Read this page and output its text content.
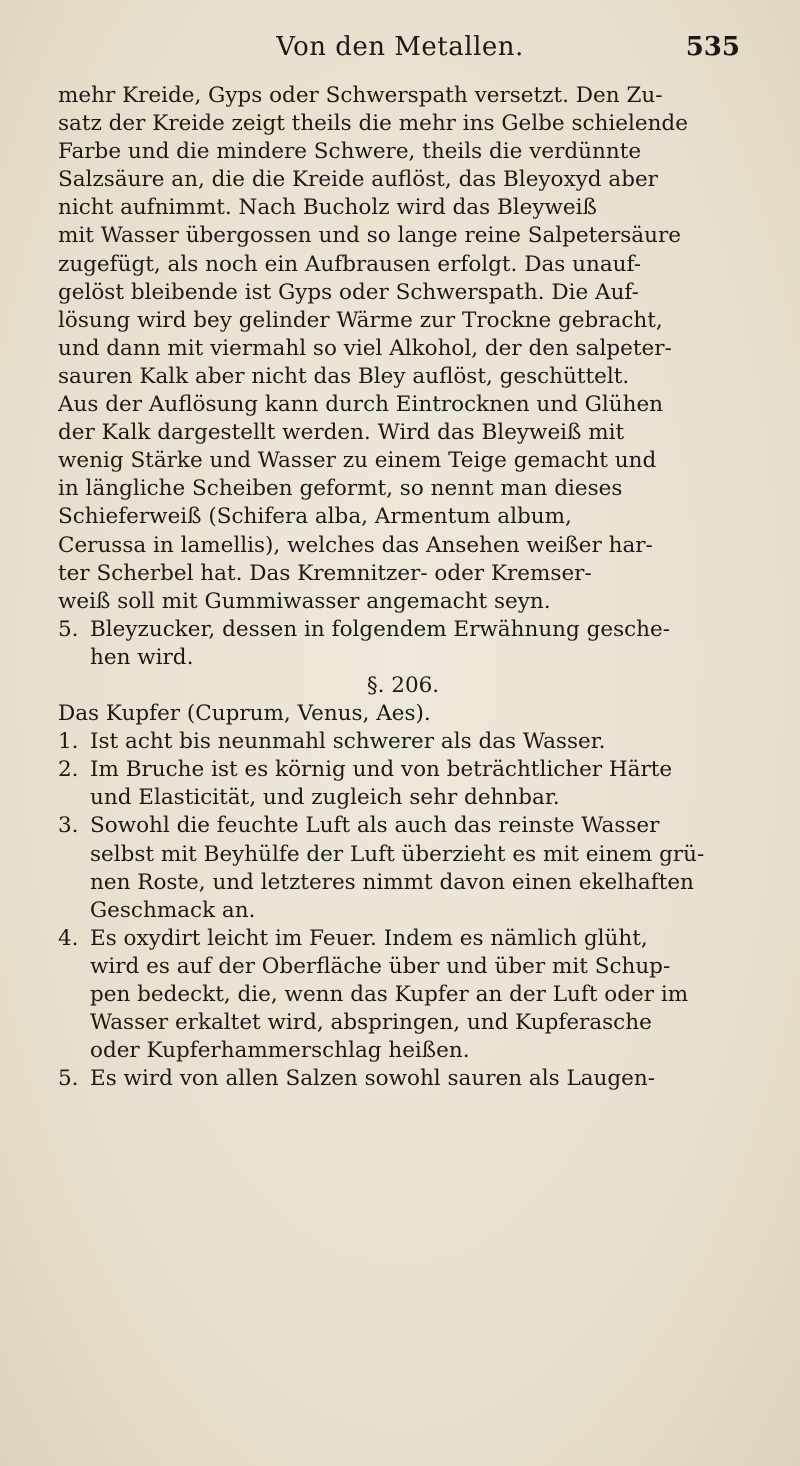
Von den Metallen.	535
mehr Kreide, Gyps oder Schwerspath versetzt. Den Zu-
satz der Kreide zeigt theils die mehr ins Gelbe schielende
Farbe und die mindere Schwere, theils die verdünnte
Salzsäure an, die die Kreide auflöst, das Bleyoxyd aber
nicht aufnimmt. Nach Bucholz wird das Bleyweiß
mit Wasser übergossen und so lange reine Salpetersäure
zugefügt, als noch ein Aufbrausen erfolgt. Das unauf-
gelöst bleibende ist Gyps oder Schwerspath. Die Auf-
lösung wird bey gelinder Wärme zur Trockne gebracht,
und dann mit viermahl so viel Alkohol, der den salpeter-
sauren Kalk aber nicht das Bley auflöst, geschüttelt.
Aus der Auflösung kann durch Eintrocknen und Glühen
der Kalk dargestellt werden. Wird das Bleyweiß mit
wenig Stärke und Wasser zu einem Teige gemacht und
in längliche Scheiben geformt, so nennt man dieses
Schieferweiß (Schifera alba, Armentum album,
Cerussa in lamellis), welches das Ansehen weißer har-
ter Scherbel hat. Das Kremnitzer- oder Kremser-
weiß soll mit Gummiwasser angemacht seyn.
5. Bleyzucker, dessen in folgendem Erwähnung gesche-
hen wird.
§. 206.
Das Kupfer (Cuprum, Venus, Aes).
1. Ist acht bis neunmahl schwerer als das Wasser.
2. Im Bruche ist es körnig und von beträchtlicher Härte
und Elasticität, und zugleich sehr dehnbar.
3. Sowohl die feuchte Luft als auch das reinste Wasser
selbst mit Beyhülfe der Luft überzieht es mit einem grü-
nen Roste, und letzteres nimmt davon einen ekelhaften
Geschmack an.
4. Es oxydirt leicht im Feuer. Indem es nämlich glüht,
wird es auf der Oberfläche über und über mit Schup-
pen bedeckt, die, wenn das Kupfer an der Luft oder im
Wasser erkaltet wird, abspringen, und Kupferasche
oder Kupferhammerschlag heißen.
5. Es wird von allen Salzen sowohl sauren als Laugen-
